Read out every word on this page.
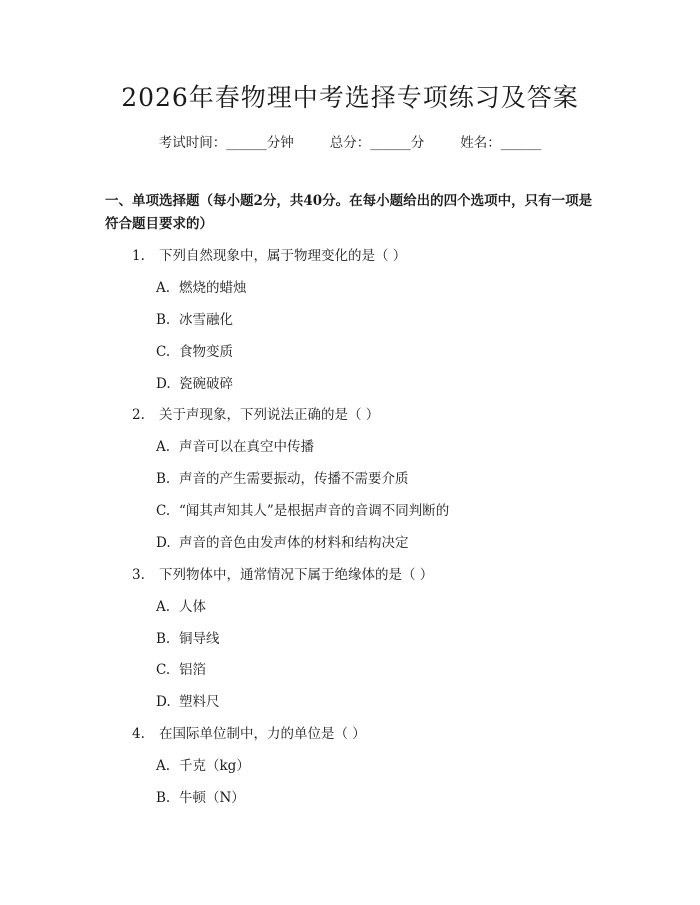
2026年春物理中考选择专项练习及答案
考试时间：______分钟	总分：______分	姓名：______

一、单项选择题（每小题2分，共40分。在每小题给出的四个选项中，只有一项是符合题目要求的）

1. 下列自然现象中，属于物理变化的是（ ）
A. 燃烧的蜡烛
B. 冰雪融化
C. 食物变质
D. 瓷碗破碎
2. 关于声现象，下列说法正确的是（ ）
A. 声音可以在真空中传播
B. 声音的产生需要振动，传播不需要介质
C. “闻其声知其人”是根据声音的音调不同判断的
D. 声音的音色由发声体的材料和结构决定
3. 下列物体中，通常情况下属于绝缘体的是（ ）
A. 人体
B. 铜导线
C. 铝箔
D. 塑料尺
4. 在国际单位制中，力的单位是（ ）
A. 千克（kg）
B. 牛顿（N）
